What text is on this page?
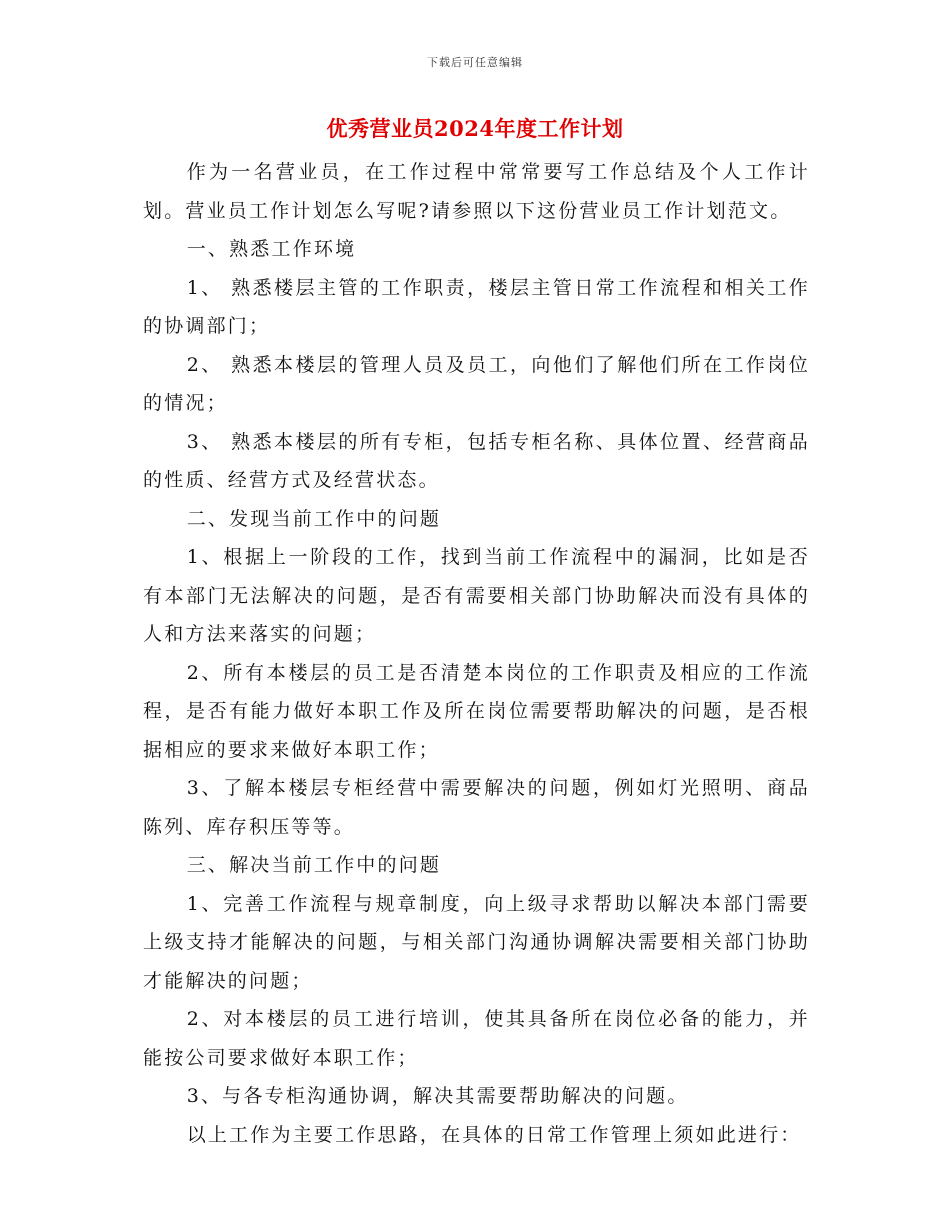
下载后可任意编辑
优秀营业员2024年度工作计划

作为一名营业员，在工作过程中常常要写工作总结及个人工作计划。营业员工作计划怎么写呢?请参照以下这份营业员工作计划范文。

一、熟悉工作环境

1、 熟悉楼层主管的工作职责，楼层主管日常工作流程和相关工作的协调部门；

2、 熟悉本楼层的管理人员及员工，向他们了解他们所在工作岗位的情况；

3、 熟悉本楼层的所有专柜，包括专柜名称、具体位置、经营商品的性质、经营方式及经营状态。

二、发现当前工作中的问题

1、根据上一阶段的工作，找到当前工作流程中的漏洞，比如是否有本部门无法解决的问题，是否有需要相关部门协助解决而没有具体的人和方法来落实的问题；

2、所有本楼层的员工是否清楚本岗位的工作职责及相应的工作流程，是否有能力做好本职工作及所在岗位需要帮助解决的问题，是否根据相应的要求来做好本职工作；

3、了解本楼层专柜经营中需要解决的问题，例如灯光照明、商品陈列、库存积压等等。

三、解决当前工作中的问题

1、完善工作流程与规章制度，向上级寻求帮助以解决本部门需要上级支持才能解决的问题，与相关部门沟通协调解决需要相关部门协助才能解决的问题；

2、对本楼层的员工进行培训，使其具备所在岗位必备的能力，并能按公司要求做好本职工作；

3、与各专柜沟通协调，解决其需要帮助解决的问题。

以上工作为主要工作思路，在具体的日常工作管理上须如此进行：
